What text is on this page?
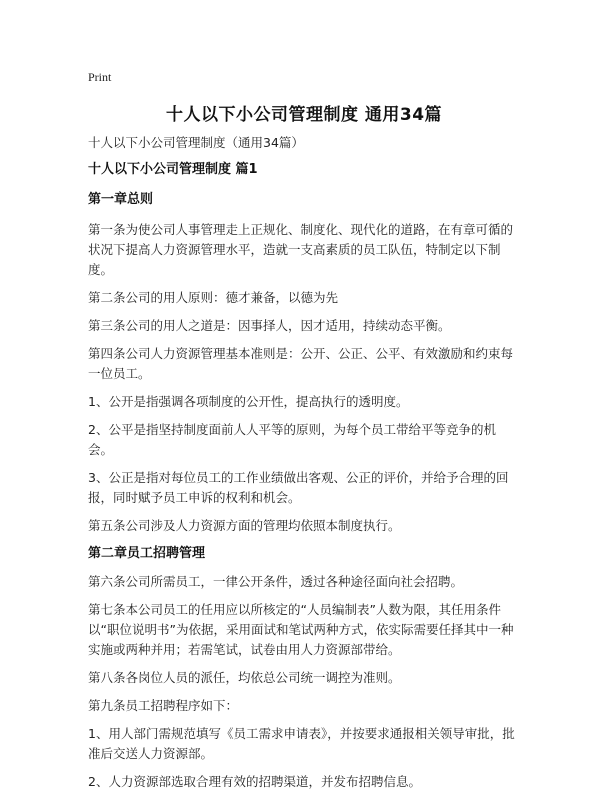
Print
十人以下小公司管理制度 通用34篇
十人以下小公司管理制度（通用34篇）

十人以下小公司管理制度 篇1

第一章总则

第一条为使公司人事管理走上正规化、制度化、现代化的道路，在有章可循的状况下提高人力资源管理水平，造就一支高素质的员工队伍，特制定以下制度。

第二条公司的用人原则：德才兼备，以德为先

第三条公司的用人之道是：因事择人，因才适用，持续动态平衡。

第四条公司人力资源管理基本准则是：公开、公正、公平、有效激励和约束每一位员工。

1、公开是指强调各项制度的公开性，提高执行的透明度。

2、公平是指坚持制度面前人人平等的原则，为每个员工带给平等竞争的机会。

3、公正是指对每位员工的工作业绩做出客观、公正的评价，并给予合理的回报，同时赋予员工申诉的权利和机会。

第五条公司涉及人力资源方面的管理均依照本制度执行。

第二章员工招聘管理

第六条公司所需员工，一律公开条件，透过各种途径面向社会招聘。

第七条本公司员工的任用应以所核定的“人员编制表”人数为限，其任用条件以“职位说明书”为依据，采用面试和笔试两种方式，依实际需要任择其中一种实施或两种并用；若需笔试，试卷由用人力资源部带给。

第八条各岗位人员的派任，均依总公司统一调控为准则。

第九条员工招聘程序如下：

1、用人部门需规范填写《员工需求申请表》，并按要求通报相关领导审批，批准后交送人力资源部。

2、人力资源部选取合理有效的招聘渠道，并发布招聘信息。
